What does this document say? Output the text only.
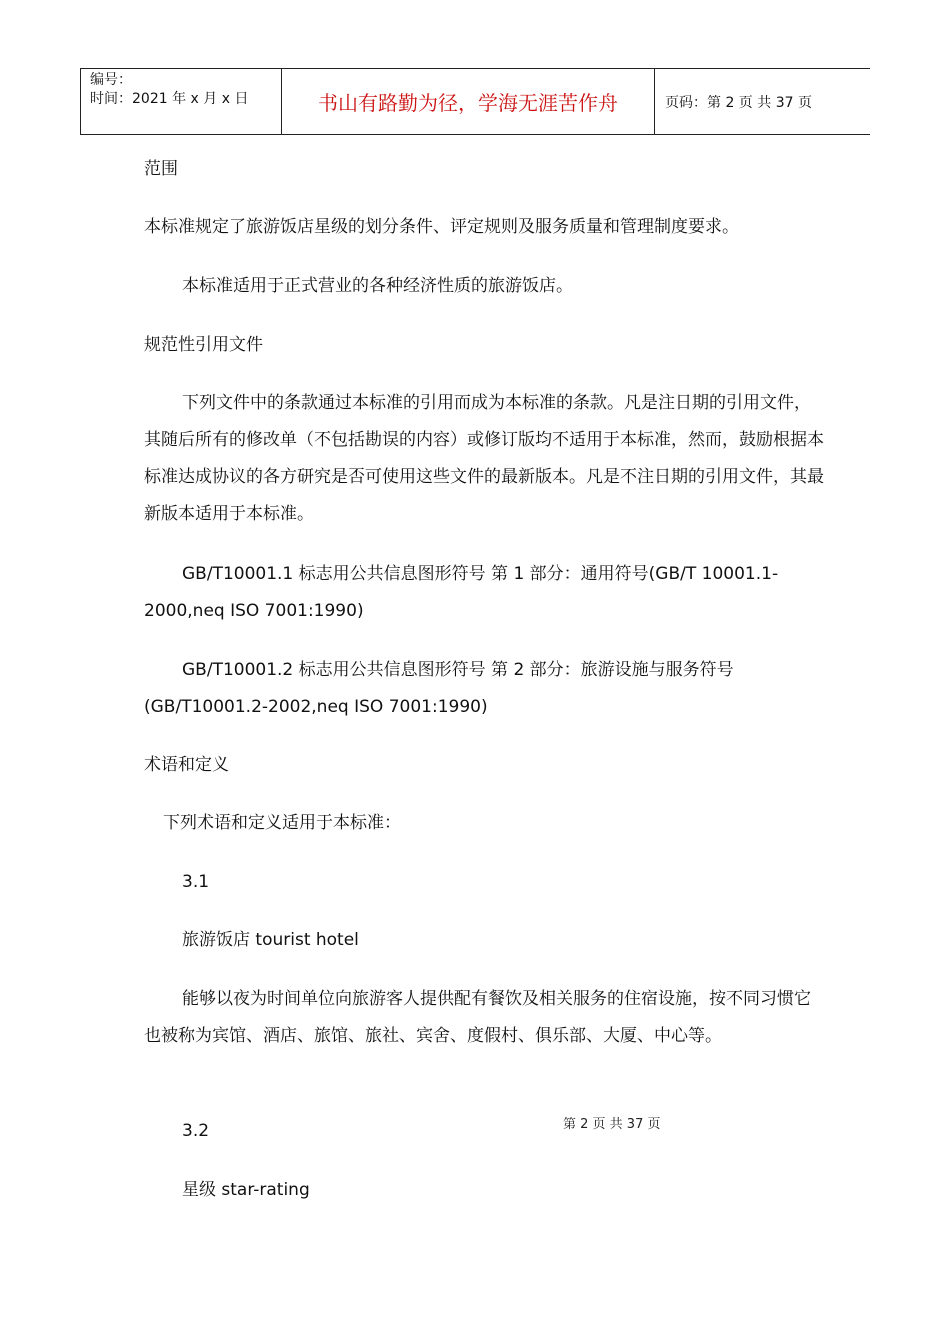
编号：
时间：2021 年 x 月 x 日	书山有路勤为径，学海无涯苦作舟	页码：第 2 页 共 37 页
范围
本标准规定了旅游饭店星级的划分条件、评定规则及服务质量和管理制度要求。
本标准适用于正式营业的各种经济性质的旅游饭店。
规范性引用文件
下列文件中的条款通过本标准的引用而成为本标准的条款。凡是注日期的引用文件，其随后所有的修改单（不包括勘误的内容）或修订版均不适用于本标准，然而，鼓励根据本标准达成协议的各方研究是否可使用这些文件的最新版本。凡是不注日期的引用文件，其最新版本适用于本标准。
GB/T10001.1 标志用公共信息图形符号 第 1 部分：通用符号(GB/T 10001.1-2000,neq ISO 7001:1990)
GB/T10001.2 标志用公共信息图形符号 第 2 部分：旅游设施与服务符号(GB/T10001.2-2002,neq ISO 7001:1990)
术语和定义
下列术语和定义适用于本标准：
3.1
旅游饭店 tourist hotel
能够以夜为时间单位向旅游客人提供配有餐饮及相关服务的住宿设施，按不同习惯它也被称为宾馆、酒店、旅馆、旅社、宾舍、度假村、俱乐部、大厦、中心等。
3.2
星级 star-rating
第 2 页 共 37 页
